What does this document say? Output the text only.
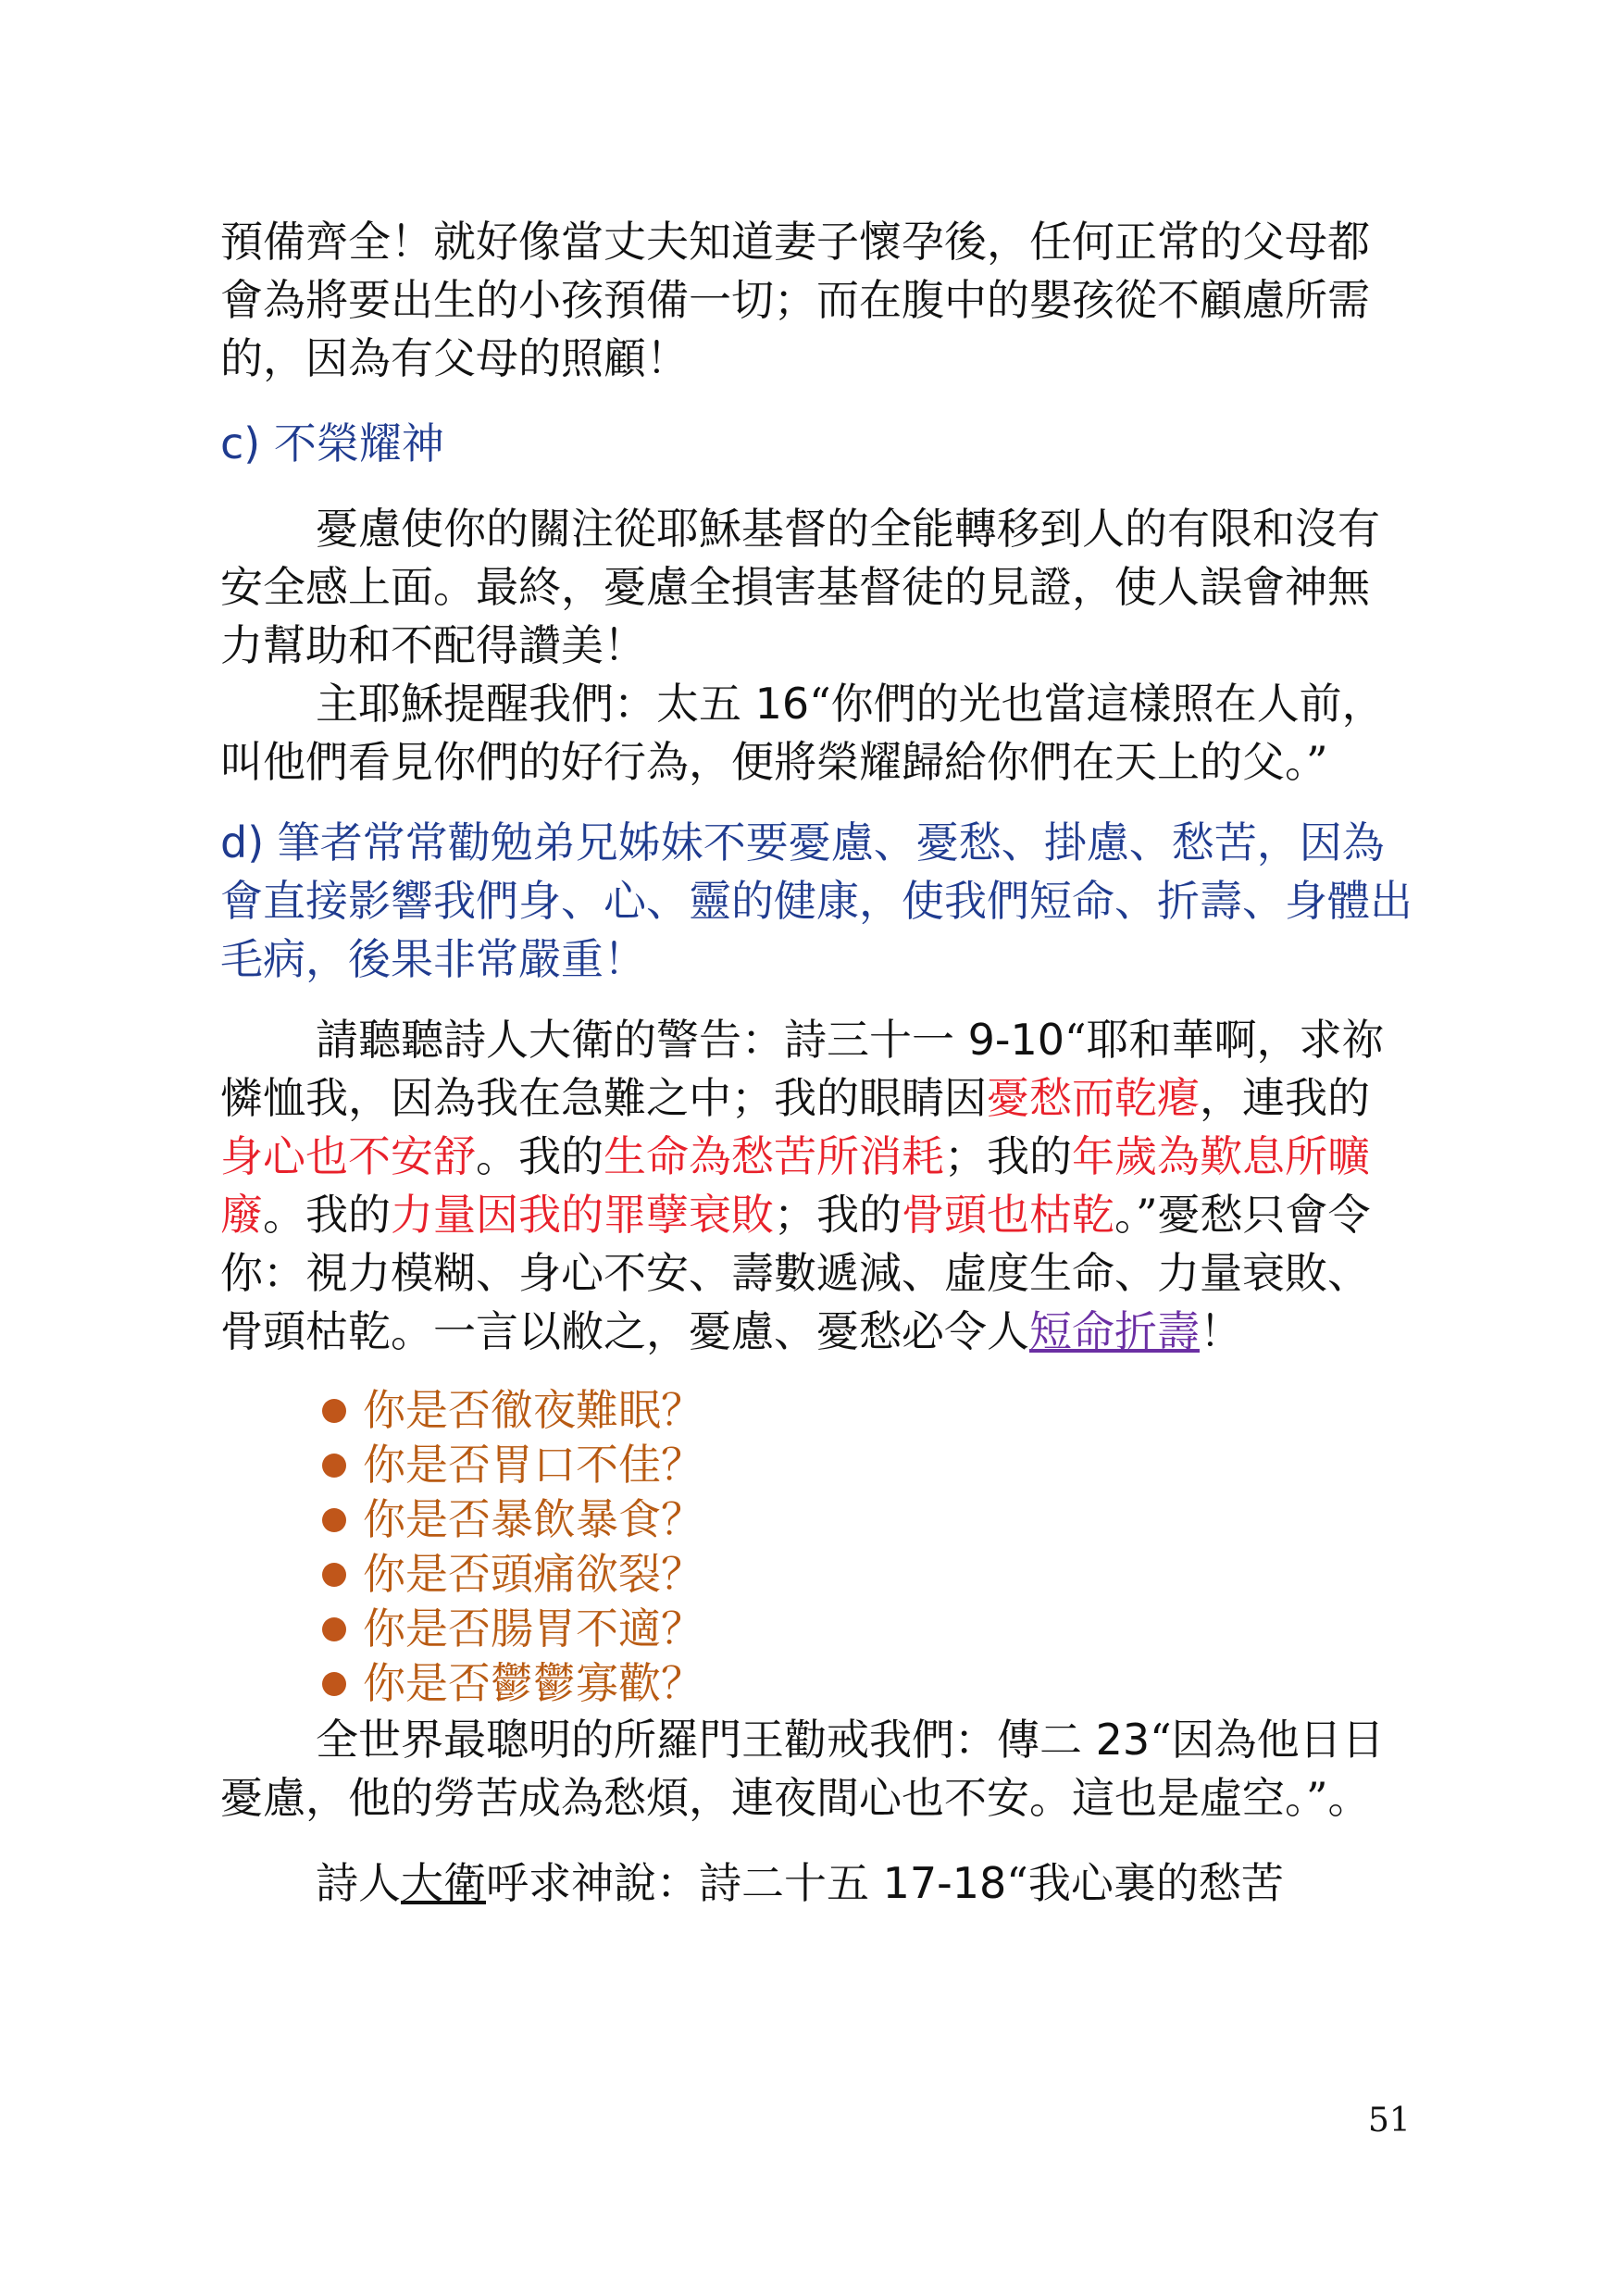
預備齊全！就好像當丈夫知道妻子懷孕後，任何正常的父母都會為將要出生的小孩預備一切；而在腹中的嬰孩從不顧慮所需的，因為有父母的照顧！

c) 不榮耀神

憂慮使你的關注從耶穌基督的全能轉移到人的有限和沒有安全感上面。最終，憂慮全損害基督徒的見證，使人誤會神無力幫助和不配得讚美！

主耶穌提醒我們：太五 16“你們的光也當這樣照在人前，叫他們看見你們的好行為，便將榮耀歸給你們在天上的父。”

d) 筆者常常勸勉弟兄姊妹不要憂慮、憂愁、掛慮、愁苦，因為會直接影響我們身、心、靈的健康，使我們短命、折壽、身體出毛病，後果非常嚴重！

請聽聽詩人大衛的警告：詩三十一 9-10“耶和華啊，求祢憐恤我，因為我在急難之中；我的眼睛因憂愁而乾瘪，連我的身心也不安舒。我的生命為愁苦所消耗；我的年歲為歎息所曠廢。我的力量因我的罪孽衰敗；我的骨頭也枯乾。”憂愁只會令你：視力模糊、身心不安、壽數遞減、虛度生命、力量衰敗、骨頭枯乾。一言以敝之，憂慮、憂愁必令人短命折壽！

你是否徹夜難眠？
你是否胃口不佳？
你是否暴飲暴食？
你是否頭痛欲裂？
你是否腸胃不適？
你是否鬱鬱寡歡？

全世界最聰明的所羅門王勸戒我們：傳二 23“因為他日日憂慮，他的勞苦成為愁煩，連夜間心也不安。這也是虛空。”。

詩人大衛呼求神說：詩二十五 17-18“我心裏的愁苦

51
